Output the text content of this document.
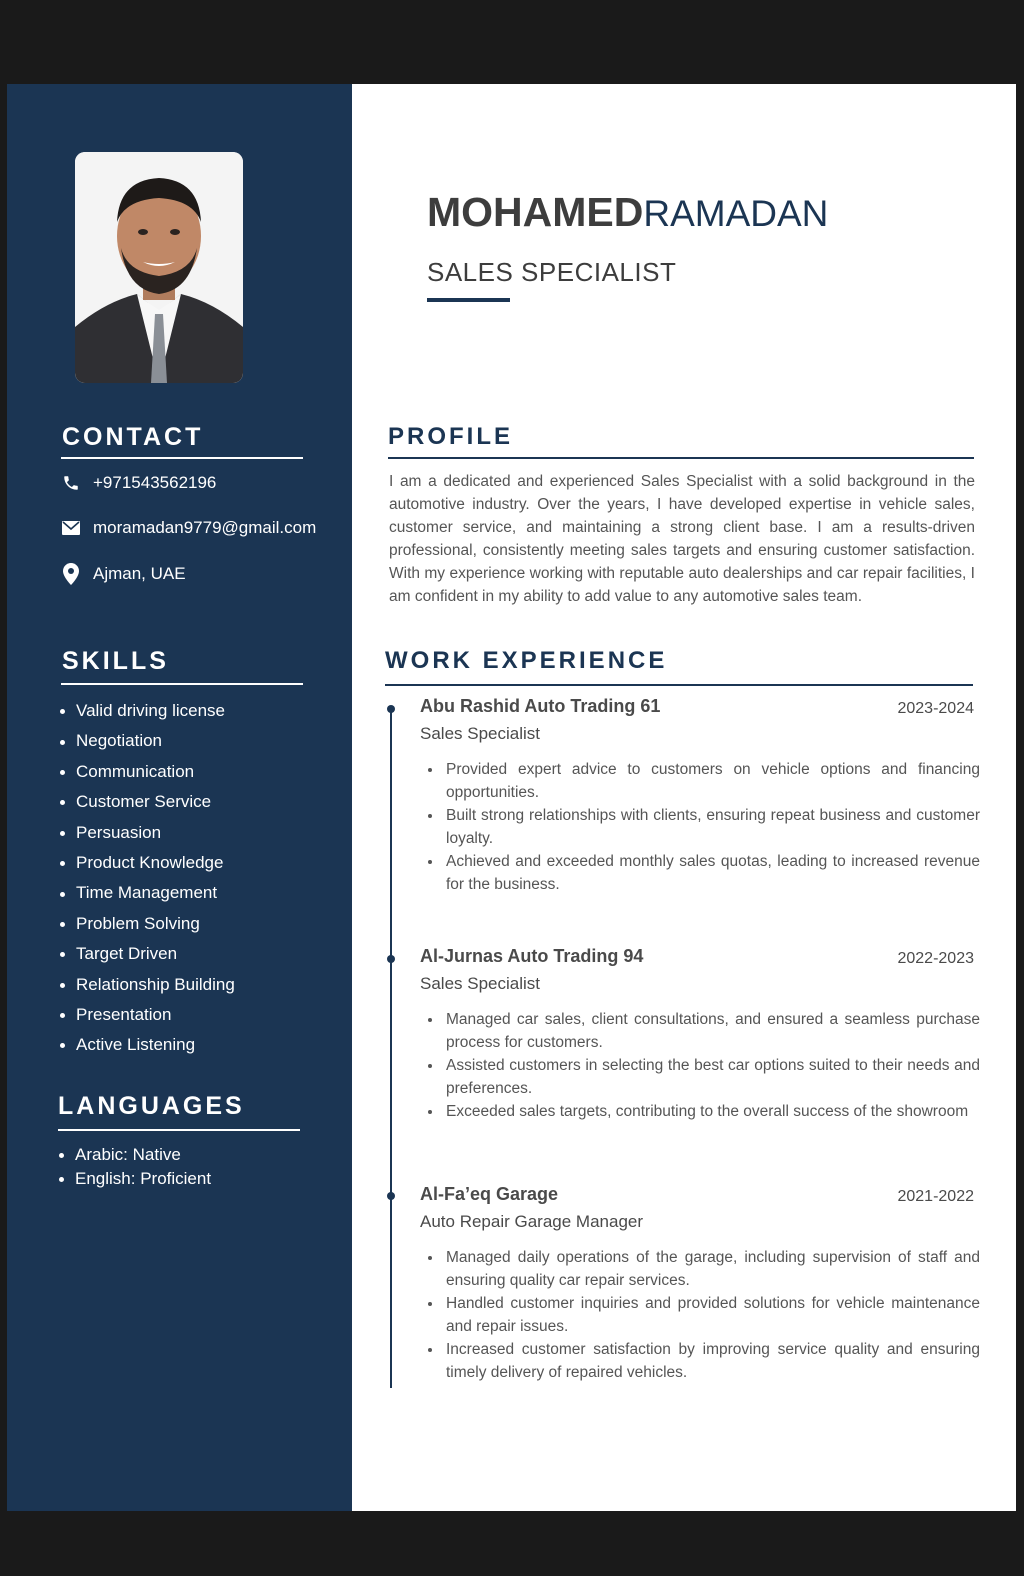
CONTACT
+971543562196
moramadan9779@gmail.com
Ajman, UAE
SKILLS
Valid driving license
Negotiation
Communication
Customer Service
Persuasion
Product Knowledge
Time Management
Problem Solving
Target Driven
Relationship Building
Presentation
Active Listening
LANGUAGES
Arabic: Native
English: Proficient
MOHAMEDRAMADAN
SALES SPECIALIST
PROFILE
I am a dedicated and experienced Sales Specialist with a solid background in the automotive industry. Over the years, I have developed expertise in vehicle sales, customer service, and maintaining a strong client base. I am a results-driven professional, consistently meeting sales targets and ensuring customer satisfaction. With my experience working with reputable auto dealerships and car repair facilities, I am confident in my ability to add value to any automotive sales team.
WORK EXPERIENCE
Abu Rashid Auto Trading 61	2023-2024
Sales Specialist
Provided expert advice to customers on vehicle options and financing opportunities.
Built strong relationships with clients, ensuring repeat business and customer loyalty.
Achieved and exceeded monthly sales quotas, leading to increased revenue for the business.
Al-Jurnas Auto Trading 94	2022-2023
Sales Specialist
Managed car sales, client consultations, and ensured a seamless purchase process for customers.
Assisted customers in selecting the best car options suited to their needs and preferences.
Exceeded sales targets, contributing to the overall success of the showroom
Al-Fa’eq Garage	2021-2022
Auto Repair Garage Manager
Managed daily operations of the garage, including supervision of staff and ensuring quality car repair services.
Handled customer inquiries and provided solutions for vehicle maintenance and repair issues.
Increased customer satisfaction by improving service quality and ensuring timely delivery of repaired vehicles.
